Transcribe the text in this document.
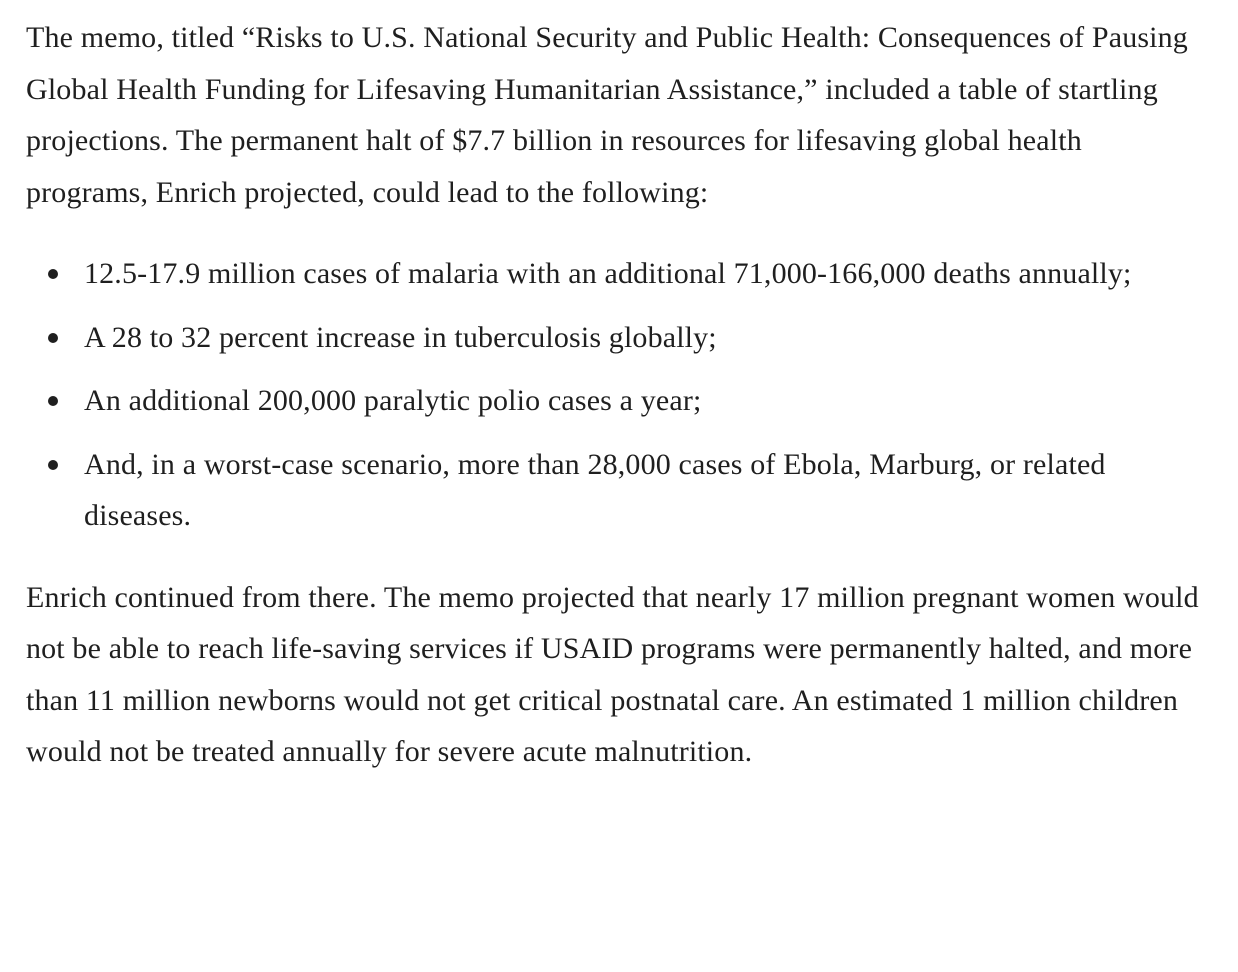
The memo, titled “Risks to U.S. National Security and Public Health: Consequences of Pausing Global Health Funding for Lifesaving Humanitarian Assistance,” included a table of startling projections. The permanent halt of $7.7 billion in resources for lifesaving global health programs, Enrich projected, could lead to the following:

12.5-17.9 million cases of malaria with an additional 71,000-166,000 deaths annually;
A 28 to 32 percent increase in tuberculosis globally;
An additional 200,000 paralytic polio cases a year;
And, in a worst-case scenario, more than 28,000 cases of Ebola, Marburg, or related diseases.

Enrich continued from there. The memo projected that nearly 17 million pregnant women would not be able to reach life-saving services if USAID programs were permanently halted, and more than 11 million newborns would not get critical postnatal care. An estimated 1 million children would not be treated annually for severe acute malnutrition.
